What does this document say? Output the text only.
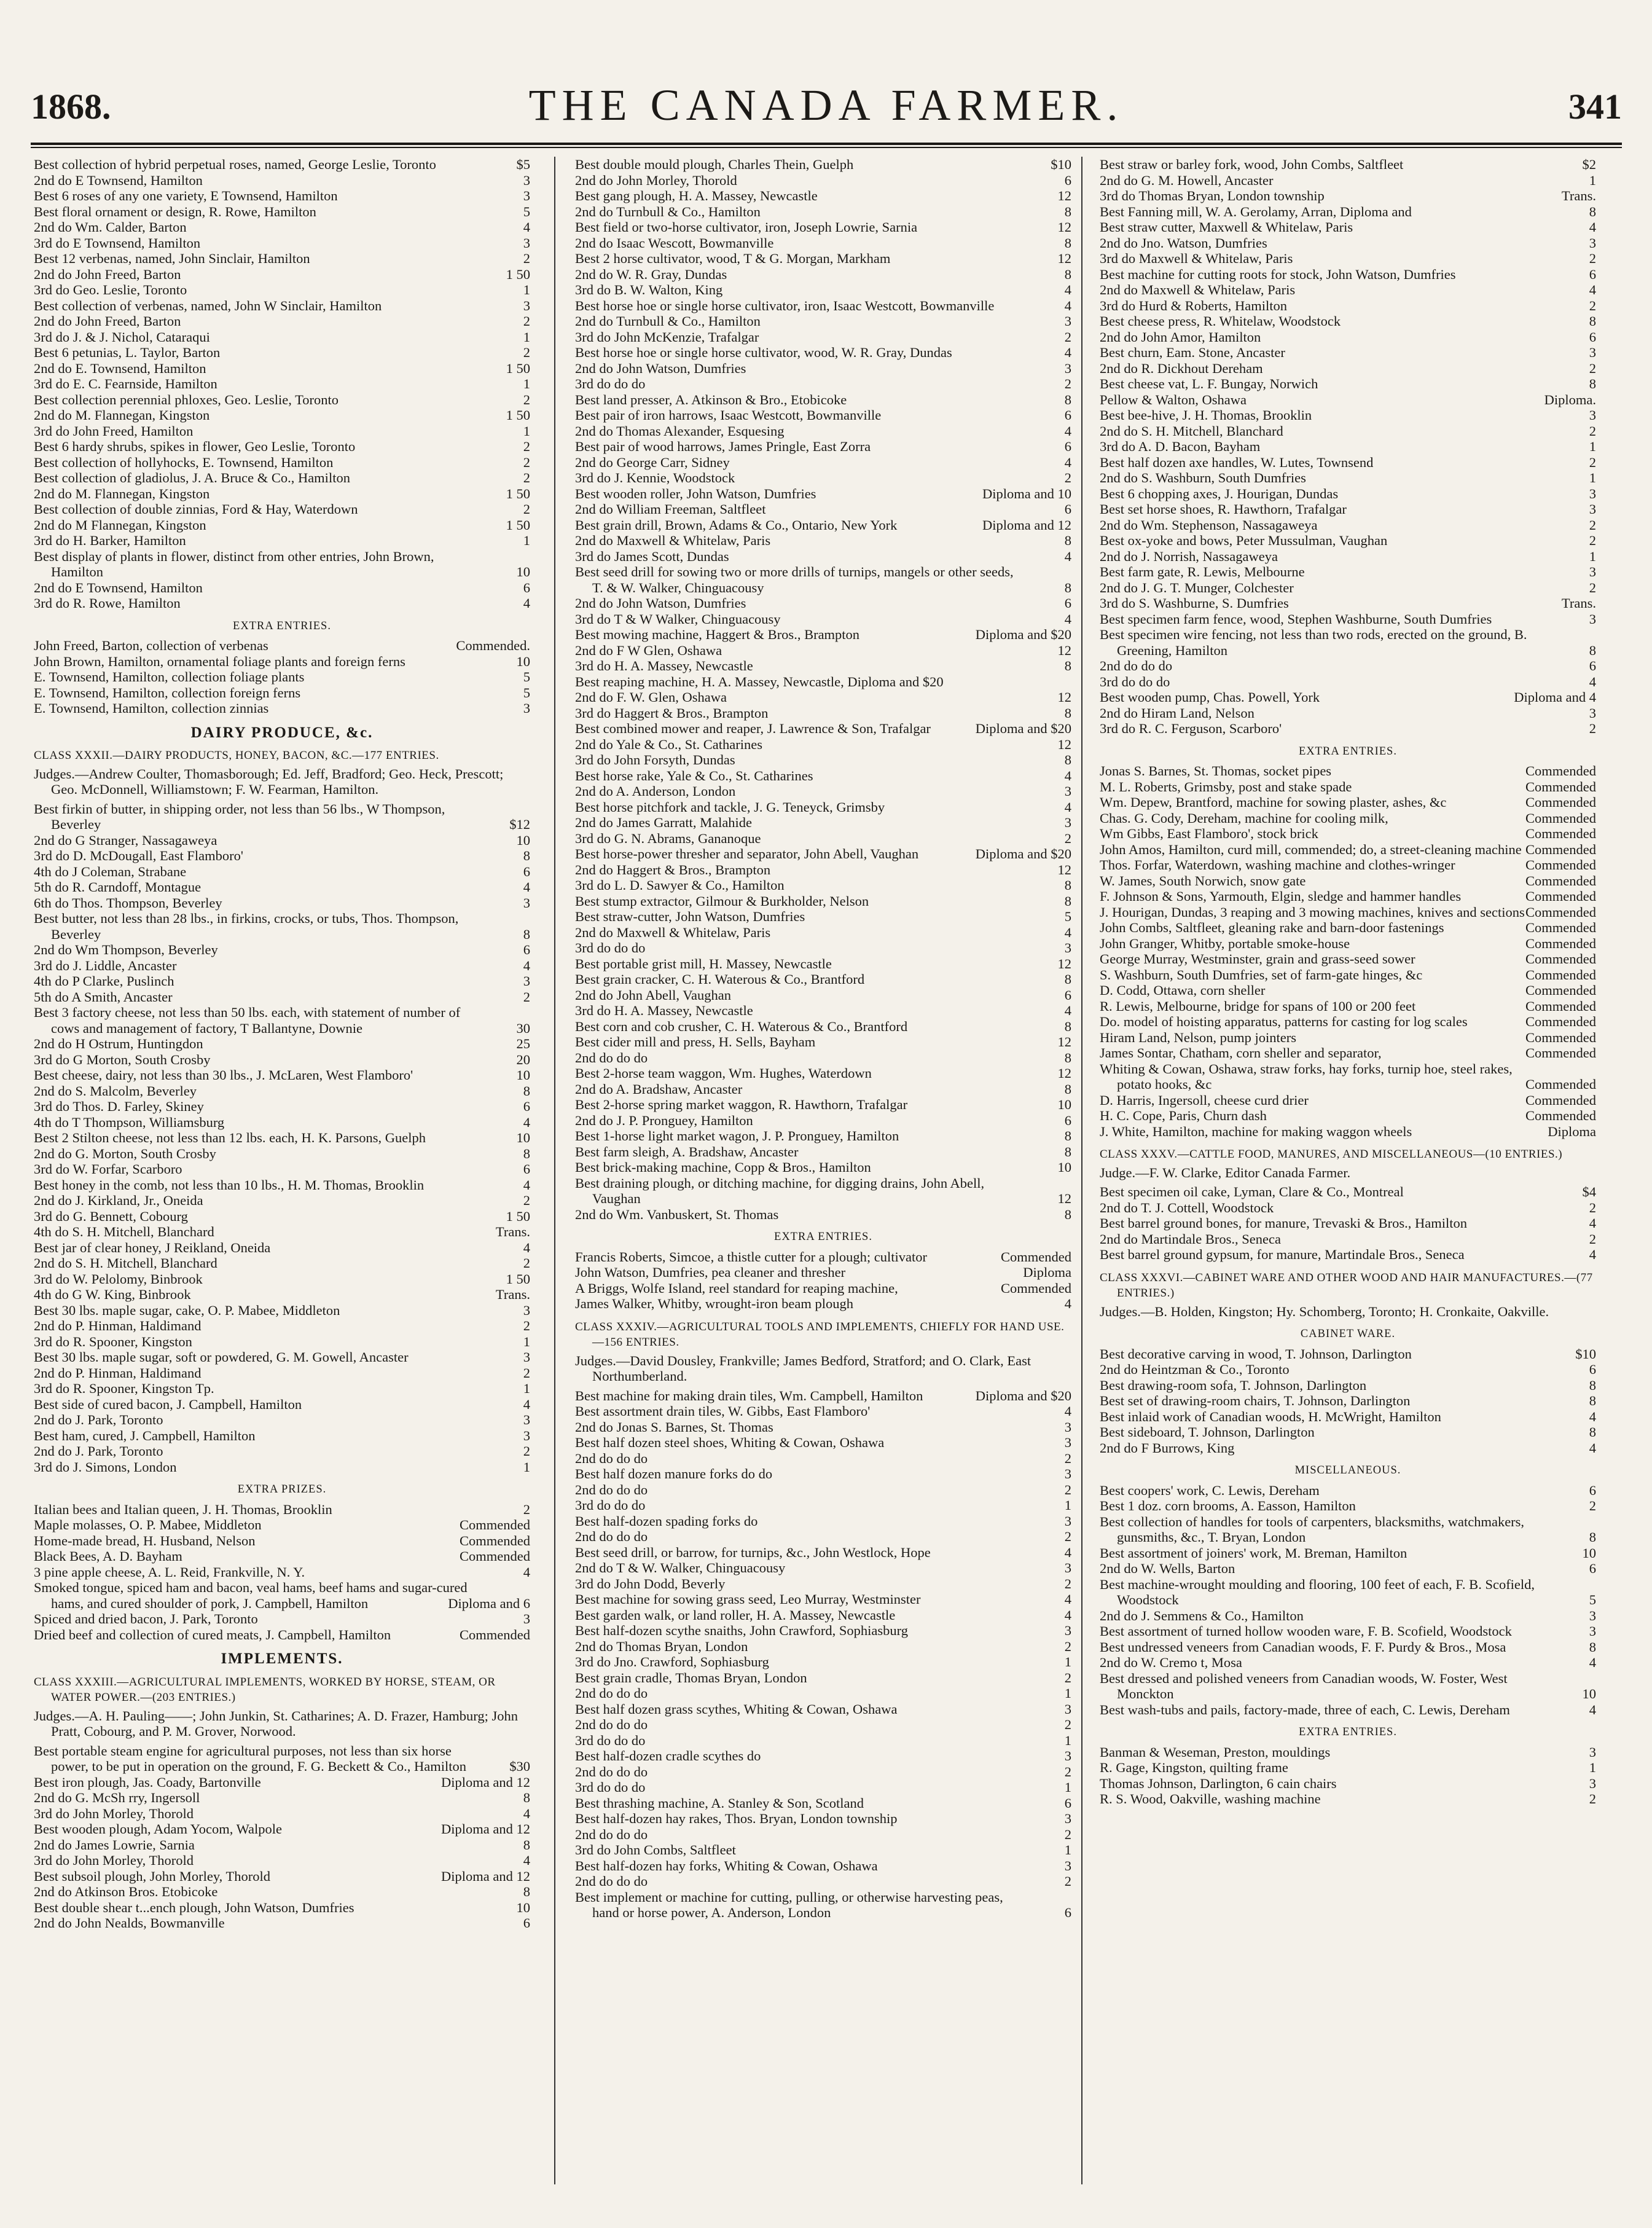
1868.	THE CANADA FARMER.	341
Best collection of hybrid perpetual roses, named, George Leslie, Toronto	$5
2nd do E Townsend, Hamilton	3
Best 6 roses of any one variety, E Townsend, Hamilton	3
Best floral ornament or design, R. Rowe, Hamilton	5
2nd do Wm. Calder, Barton	4
3rd do E Townsend, Hamilton	3
Best 12 verbenas, named, John Sinclair, Hamilton	2
2nd do John Freed, Barton	1 50
3rd do Geo. Leslie, Toronto	1
Best collection of verbenas, named, John W Sinclair, Hamilton	3
2nd do John Freed, Barton	2
3rd do J. & J. Nichol, Cataraqui	1
Best 6 petunias, L. Taylor, Barton	2
2nd do E. Townsend, Hamilton	1 50
3rd do E. C. Fearnside, Hamilton	1
Best collection perennial phloxes, Geo. Leslie, Toronto	2
2nd do M. Flannegan, Kingston	1 50
3rd do John Freed, Hamilton	1
Best 6 hardy shrubs, spikes in flower, Geo Leslie, Toronto	2
Best collection of hollyhocks, E. Townsend, Hamilton	2
Best collection of gladiolus, J. A. Bruce & Co., Hamilton	2
2nd do M. Flannegan, Kingston	1 50
Best collection of double zinnias, Ford & Hay, Waterdown	2
2nd do M Flannegan, Kingston	1 50
3rd do H. Barker, Hamilton	1
Best display of plants in flower, distinct from other entries, John Brown, Hamilton	10
2nd do E Townsend, Hamilton	6
3rd do R. Rowe, Hamilton	4
EXTRA ENTRIES.
John Freed, Barton, collection of verbenas	Commended.
John Brown, Hamilton, ornamental foliage plants and foreign ferns	10
E. Townsend, Hamilton, collection foliage plants	5
E. Townsend, Hamilton, collection foreign ferns	5
E. Townsend, Hamilton, collection zinnias	3
DAIRY PRODUCE, &c.
CLASS XXXII.—DAIRY PRODUCTS, HONEY, BACON, &C.—177 ENTRIES.
Judges.—Andrew Coulter, Thomasborough; Ed. Jeff, Bradford; Geo. Heck, Prescott; Geo. McDonnell, Williamstown; F. W. Fearman, Hamilton.
Best firkin of butter, in shipping order, not less than 56 lbs., W Thompson, Beverley	$12
2nd do G Stranger, Nassagaweya	10
3rd do D. McDougall, East Flamboro'	8
4th do J Coleman, Strabane	6
5th do R. Carndoff, Montague	4
6th do Thos. Thompson, Beverley	3
Best butter, not less than 28 lbs., in firkins, crocks, or tubs, Thos. Thompson, Beverley	8
2nd do Wm Thompson, Beverley	6
3rd do J. Liddle, Ancaster	4
4th do P Clarke, Puslinch	3
5th do A Smith, Ancaster	2
Best 3 factory cheese, not less than 50 lbs. each, with statement of number of cows and management of factory, T Ballantyne, Downie	30
2nd do H Ostrum, Huntingdon	25
3rd do G Morton, South Crosby	20
Best cheese, dairy, not less than 30 lbs., J. McLaren, West Flamboro'	10
2nd do S. Malcolm, Beverley	8
3rd do Thos. D. Farley, Skiney	6
4th do T Thompson, Williamsburg	4
Best 2 Stilton cheese, not less than 12 lbs. each, H. K. Parsons, Guelph	10
2nd do G. Morton, South Crosby	8
3rd do W. Forfar, Scarboro	6
Best honey in the comb, not less than 10 lbs., H. M. Thomas, Brooklin	4
2nd do J. Kirkland, Jr., Oneida	2
3rd do G. Bennett, Cobourg	1 50
4th do S. H. Mitchell, Blanchard	Trans.
Best jar of clear honey, J Reikland, Oneida	4
2nd do S. H. Mitchell, Blanchard	2
3rd do W. Pelolomy, Binbrook	1 50
4th do G W. King, Binbrook	Trans.
Best 30 lbs. maple sugar, cake, O. P. Mabee, Middleton	3
2nd do P. Hinman, Haldimand	2
3rd do R. Spooner, Kingston	1
Best 30 lbs. maple sugar, soft or powdered, G. M. Gowell, Ancaster	3
2nd do P. Hinman, Haldimand	2
3rd do R. Spooner, Kingston Tp.	1
Best side of cured bacon, J. Campbell, Hamilton	4
2nd do J. Park, Toronto	3
Best ham, cured, J. Campbell, Hamilton	3
2nd do J. Park, Toronto	2
3rd do J. Simons, London	1
EXTRA PRIZES.
Italian bees and Italian queen, J. H. Thomas, Brooklin	2
Maple molasses, O. P. Mabee, Middleton	Commended
Home-made bread, H. Husband, Nelson	Commended
Black Bees, A. D. Bayham	Commended
3 pine apple cheese, A. L. Reid, Frankville, N. Y.	4
Smoked tongue, spiced ham and bacon, veal hams, beef hams and sugar-cured hams, and cured shoulder of pork, J. Campbell, Hamilton	Diploma and 6
Spiced and dried bacon, J. Park, Toronto	3
Dried beef and collection of cured meats, J. Campbell, Hamilton	Commended
IMPLEMENTS.
CLASS XXXIII.—AGRICULTURAL IMPLEMENTS, WORKED BY HORSE, STEAM, OR WATER POWER.—(203 ENTRIES.)
Judges.—A. H. Pauling——; John Junkin, St. Catharines; A. D. Frazer, Hamburg; John Pratt, Cobourg, and P. M. Grover, Norwood.
Best portable steam engine for agricultural purposes, not less than six horse power, to be put in operation on the ground, F. G. Beckett & Co., Hamilton	$30
Best iron plough, Jas. Coady, Bartonville	Diploma and 12
2nd do G. McSh rry, Ingersoll	8
3rd do John Morley, Thorold	4
Best wooden plough, Adam Yocom, Walpole	Diploma and 12
2nd do James Lowrie, Sarnia	8
3rd do John Morley, Thorold	4
Best subsoil plough, John Morley, Thorold	Diploma and 12
2nd do Atkinson Bros. Etobicoke	8
Best double shear t...ench plough, John Watson, Dumfries	10
2nd do John Nealds, Bowmanville	6
Best double mould plough, Charles Thein, Guelph	$10
2nd do John Morley, Thorold	6
Best gang plough, H. A. Massey, Newcastle	12
2nd do Turnbull & Co., Hamilton	8
Best field or two-horse cultivator, iron, Joseph Lowrie, Sarnia	12
2nd do Isaac Wescott, Bowmanville	8
Best 2 horse cultivator, wood, T & G. Morgan, Markham	12
2nd do W. R. Gray, Dundas	8
3rd do B. W. Walton, King	4
Best horse hoe or single horse cultivator, iron, Isaac Westcott, Bowmanville	4
2nd do Turnbull & Co., Hamilton	3
3rd do John McKenzie, Trafalgar	2
Best horse hoe or single horse cultivator, wood, W. R. Gray, Dundas	4
2nd do John Watson, Dumfries	3
3rd do do do	2
Best land presser, A. Atkinson & Bro., Etobicoke	8
Best pair of iron harrows, Isaac Westcott, Bowmanville	6
2nd do Thomas Alexander, Esquesing	4
Best pair of wood harrows, James Pringle, East Zorra	6
2nd do George Carr, Sidney	4
3rd do J. Kennie, Woodstock	2
Best wooden roller, John Watson, Dumfries	Diploma and 10
2nd do William Freeman, Saltfleet	6
Best grain drill, Brown, Adams & Co., Ontario, New York	Diploma and 12
2nd do Maxwell & Whitelaw, Paris	8
3rd do James Scott, Dundas	4
Best seed drill for sowing two or more drills of turnips, mangels or other seeds, T. & W. Walker, Chinguacousy	8
2nd do John Watson, Dumfries	6
3rd do T & W Walker, Chinguacousy	4
Best mowing machine, Haggert & Bros., Brampton	Diploma and $20
2nd do F W Glen, Oshawa	12
3rd do H. A. Massey, Newcastle	8
Best reaping machine, H. A. Massey, Newcastle, Diploma and $20
2nd do F. W. Glen, Oshawa	12
3rd do Haggert & Bros., Brampton	8
Best combined mower and reaper, J. Lawrence & Son, Trafalgar	Diploma and $20
2nd do Yale & Co., St. Catharines	12
3rd do John Forsyth, Dundas	8
Best horse rake, Yale & Co., St. Catharines	4
2nd do A. Anderson, London	3
Best horse pitchfork and tackle, J. G. Teneyck, Grimsby	4
2nd do James Garratt, Malahide	3
3rd do G. N. Abrams, Gananoque	2
Best horse-power thresher and separator, John Abell, Vaughan	Diploma and $20
2nd do Haggert & Bros., Brampton	12
3rd do L. D. Sawyer & Co., Hamilton	8
Best stump extractor, Gilmour & Burkholder, Nelson	8
Best straw-cutter, John Watson, Dumfries	5
2nd do Maxwell & Whitelaw, Paris	4
3rd do do do	3
Best portable grist mill, H. Massey, Newcastle	12
Best grain cracker, C. H. Waterous & Co., Brantford	8
2nd do John Abell, Vaughan	6
3rd do H. A. Massey, Newcastle	4
Best corn and cob crusher, C. H. Waterous & Co., Brantford	8
Best cider mill and press, H. Sells, Bayham	12
2nd do do do	8
Best 2-horse team waggon, Wm. Hughes, Waterdown	12
2nd do A. Bradshaw, Ancaster	8
Best 2-horse spring market waggon, R. Hawthorn, Trafalgar	10
2nd do J. P. Pronguey, Hamilton	6
Best 1-horse light market wagon, J. P. Pronguey, Hamilton	8
Best farm sleigh, A. Bradshaw, Ancaster	8
Best brick-making machine, Copp & Bros., Hamilton	10
Best draining plough, or ditching machine, for digging drains, John Abell, Vaughan	12
2nd do Wm. Vanbuskert, St. Thomas	8
EXTRA ENTRIES.
Francis Roberts, Simcoe, a thistle cutter for a plough; cultivator	Commended
John Watson, Dumfries, pea cleaner and thresher	Diploma
A Briggs, Wolfe Island, reel standard for reaping machine,	Commended
James Walker, Whitby, wrought-iron beam plough	4
CLASS XXXIV.—AGRICULTURAL TOOLS AND IMPLEMENTS, CHIEFLY FOR HAND USE.—156 ENTRIES.
Judges.—David Dousley, Frankville; James Bedford, Stratford; and O. Clark, East Northumberland.
Best machine for making drain tiles, Wm. Campbell, Hamilton	Diploma and $20
Best assortment drain tiles, W. Gibbs, East Flamboro'	4
2nd do Jonas S. Barnes, St. Thomas	3
Best half dozen steel shoes, Whiting & Cowan, Oshawa	3
2nd do do do	2
Best half dozen manure forks do do	3
2nd do do do	2
3rd do do do	1
Best half-dozen spading forks do	3
2nd do do do	2
Best seed drill, or barrow, for turnips, &c., John Westlock, Hope	4
2nd do T & W. Walker, Chinguacousy	3
3rd do John Dodd, Beverly	2
Best machine for sowing grass seed, Leo Murray, Westminster	4
Best garden walk, or land roller, H. A. Massey, Newcastle	4
Best half-dozen scythe snaiths, John Crawford, Sophiasburg	3
2nd do Thomas Bryan, London	2
3rd do Jno. Crawford, Sophiasburg	1
Best grain cradle, Thomas Bryan, London	2
2nd do do do	1
Best half dozen grass scythes, Whiting & Cowan, Oshawa	3
2nd do do do	2
3rd do do do	1
Best half-dozen cradle scythes do	3
2nd do do do	2
3rd do do do	1
Best thrashing machine, A. Stanley & Son, Scotland	6
Best half-dozen hay rakes, Thos. Bryan, London township	3
2nd do do do	2
3rd do John Combs, Saltfleet	1
Best half-dozen hay forks, Whiting & Cowan, Oshawa	3
2nd do do do	2
Best implement or machine for cutting, pulling, or otherwise harvesting peas, hand or horse power, A. Anderson, London	6
Best straw or barley fork, wood, John Combs, Saltfleet	$2
2nd do G. M. Howell, Ancaster	1
3rd do Thomas Bryan, London township	Trans.
Best Fanning mill, W. A. Gerolamy, Arran, Diploma and	8
Best straw cutter, Maxwell & Whitelaw, Paris	4
2nd do Jno. Watson, Dumfries	3
3rd do Maxwell & Whitelaw, Paris	2
Best machine for cutting roots for stock, John Watson, Dumfries	6
2nd do Maxwell & Whitelaw, Paris	4
3rd do Hurd & Roberts, Hamilton	2
Best cheese press, R. Whitelaw, Woodstock	8
2nd do John Amor, Hamilton	6
Best churn, Eam. Stone, Ancaster	3
2nd do R. Dickhout Dereham	2
Best cheese vat, L. F. Bungay, Norwich	8
Pellow & Walton, Oshawa	Diploma.
Best bee-hive, J. H. Thomas, Brooklin	3
2nd do S. H. Mitchell, Blanchard	2
3rd do A. D. Bacon, Bayham	1
Best half dozen axe handles, W. Lutes, Townsend	2
2nd do S. Washburn, South Dumfries	1
Best 6 chopping axes, J. Hourigan, Dundas	3
Best set horse shoes, R. Hawthorn, Trafalgar	3
2nd do Wm. Stephenson, Nassagaweya	2
Best ox-yoke and bows, Peter Mussulman, Vaughan	2
2nd do J. Norrish, Nassagaweya	1
Best farm gate, R. Lewis, Melbourne	3
2nd do J. G. T. Munger, Colchester	2
3rd do S. Washburne, S. Dumfries	Trans.
Best specimen farm fence, wood, Stephen Washburne, South Dumfries	3
Best specimen wire fencing, not less than two rods, erected on the ground, B. Greening, Hamilton	8
2nd do do do	6
3rd do do do	4
Best wooden pump, Chas. Powell, York	Diploma and 4
2nd do Hiram Land, Nelson	3
3rd do R. C. Ferguson, Scarboro'	2
EXTRA ENTRIES.
Jonas S. Barnes, St. Thomas, socket pipes	Commended
M. L. Roberts, Grimsby, post and stake spade	Commended
Wm. Depew, Brantford, machine for sowing plaster, ashes, &c	Commended
Chas. G. Cody, Dereham, machine for cooling milk,	Commended
Wm Gibbs, East Flamboro', stock brick	Commended
John Amos, Hamilton, curd mill, commended; do, a street-cleaning machine Commended
Thos. Forfar, Waterdown, washing machine and clothes-wringer	Commended
W. James, South Norwich, snow gate	Commended
F. Johnson & Sons, Yarmouth, Elgin, sledge and hammer handles	Commended
J. Hourigan, Dundas, 3 reaping and 3 mowing machines, knives and sections Commended
John Combs, Saltfleet, gleaning rake and barn-door fastenings	Commended
John Granger, Whitby, portable smoke-house	Commended
George Murray, Westminster, grain and grass-seed sower	Commended
S. Washburn, South Dumfries, set of farm-gate hinges, &c	Commended
D. Codd, Ottawa, corn sheller	Commended
R. Lewis, Melbourne, bridge for spans of 100 or 200 feet	Commended
Do. model of hoisting apparatus, patterns for casting for log scales	Commended
Hiram Land, Nelson, pump jointers	Commended
James Sontar, Chatham, corn sheller and separator,	Commended
Whiting & Cowan, Oshawa, straw forks, hay forks, turnip hoe, steel rakes, potato hooks, &c	Commended
D. Harris, Ingersoll, cheese curd drier	Commended
H. C. Cope, Paris, Churn dash	Commended
J. White, Hamilton, machine for making waggon wheels	Diploma
CLASS XXXV.—CATTLE FOOD, MANURES, AND MISCELLANEOUS—(10 ENTRIES.)
Judge.—F. W. Clarke, Editor Canada Farmer.
Best specimen oil cake, Lyman, Clare & Co., Montreal	$4
2nd do T. J. Cottell, Woodstock	2
Best barrel ground bones, for manure, Trevaski & Bros., Hamilton	4
2nd do Martindale Bros., Seneca	2
Best barrel ground gypsum, for manure, Martindale Bros., Seneca	4
CLASS XXXVI.—CABINET WARE AND OTHER WOOD AND HAIR MANUFACTURES.—(77 ENTRIES.)
Judges.—B. Holden, Kingston; Hy. Schomberg, Toronto; H. Cronkaite, Oakville.
CABINET WARE.
Best decorative carving in wood, T. Johnson, Darlington	$10
2nd do Heintzman & Co., Toronto	6
Best drawing-room sofa, T. Johnson, Darlington	8
Best set of drawing-room chairs, T. Johnson, Darlington	8
Best inlaid work of Canadian woods, H. McWright, Hamilton	4
Best sideboard, T. Johnson, Darlington	8
2nd do F Burrows, King	4
MISCELLANEOUS.
Best coopers' work, C. Lewis, Dereham	6
Best 1 doz. corn brooms, A. Easson, Hamilton	2
Best collection of handles for tools of carpenters, blacksmiths, watchmakers, gunsmiths, &c., T. Bryan, London	8
Best assortment of joiners' work, M. Breman, Hamilton	10
2nd do W. Wells, Barton	6
Best machine-wrought moulding and flooring, 100 feet of each, F. B. Scofield, Woodstock	5
2nd do J. Semmens & Co., Hamilton	3
Best assortment of turned hollow wooden ware, F. B. Scofield, Woodstock	3
Best undressed veneers from Canadian woods, F. F. Purdy & Bros., Mosa	8
2nd do W. Cremo t, Mosa	4
Best dressed and polished veneers from Canadian woods, W. Foster, West Monckton	10
Best wash-tubs and pails, factory-made, three of each, C. Lewis, Dereham	4
EXTRA ENTRIES.
Banman & Weseman, Preston, mouldings	3
R. Gage, Kingston, quilting frame	1
Thomas Johnson, Darlington, 6 cain chairs	3
R. S. Wood, Oakville, washing machine	2
